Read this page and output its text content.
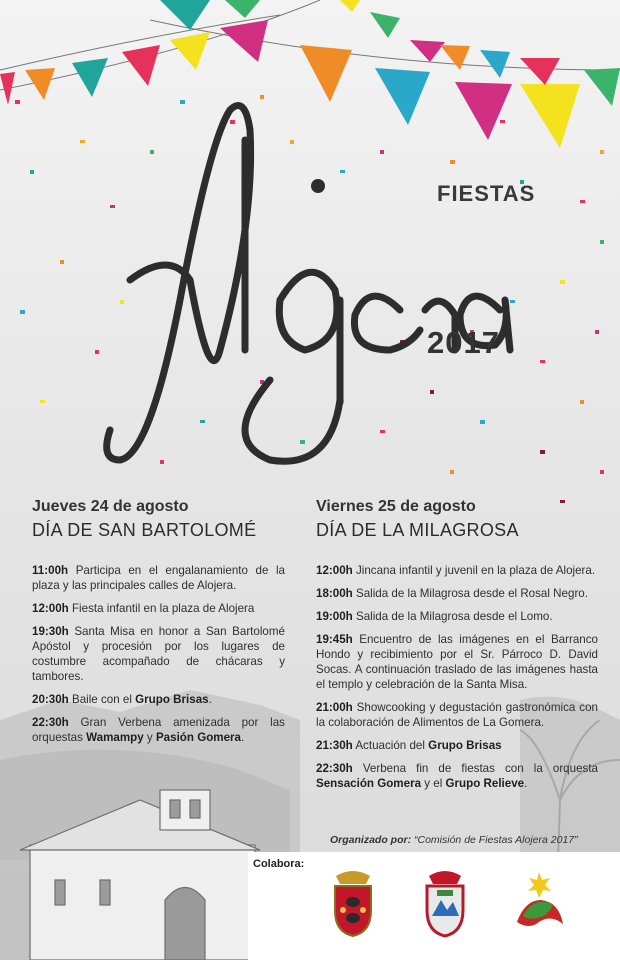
FIESTAS
2017
Jueves 24 de agosto
DÍA DE SAN BARTOLOMÉ

11:00h Participa en el engalanamiento de la plaza y las principales calles de Alojera.

12:00h Fiesta infantil en la plaza de Alojera

19:30h Santa Misa en honor a San Bartolomé Apóstol y procesión por los lugares de costumbre acompañado de chácaras y tambores.

20:30h Baile con el Grupo Brisas.

22:30h Gran Verbena amenizada por las orquestas Wamampy y Pasión Gomera.

Viernes 25 de agosto
DÍA DE LA MILAGROSA

12:00h Jincana infantil y juvenil en la plaza de Alojera.

18:00h Salida de la Milagrosa desde el Rosal Negro.

19:00h Salida de la Milagrosa desde el Lomo.

19:45h Encuentro de las imágenes en el Barranco Hondo y recibimiento por el Sr. Párroco D. David Socas. A continuación traslado de las imágenes hasta el templo y celebración de la Santa Misa.

21:00h Showcooking y degustación gastronómica con la colaboración de Alimentos de La Gomera.

21:30h Actuación del Grupo Brisas

22:30h Verbena fin de fiestas con la orquesta Sensación Gomera y el Grupo Relieve.

Organizado por: “Comisión de Fiestas Alojera 2017”
Colabora:
